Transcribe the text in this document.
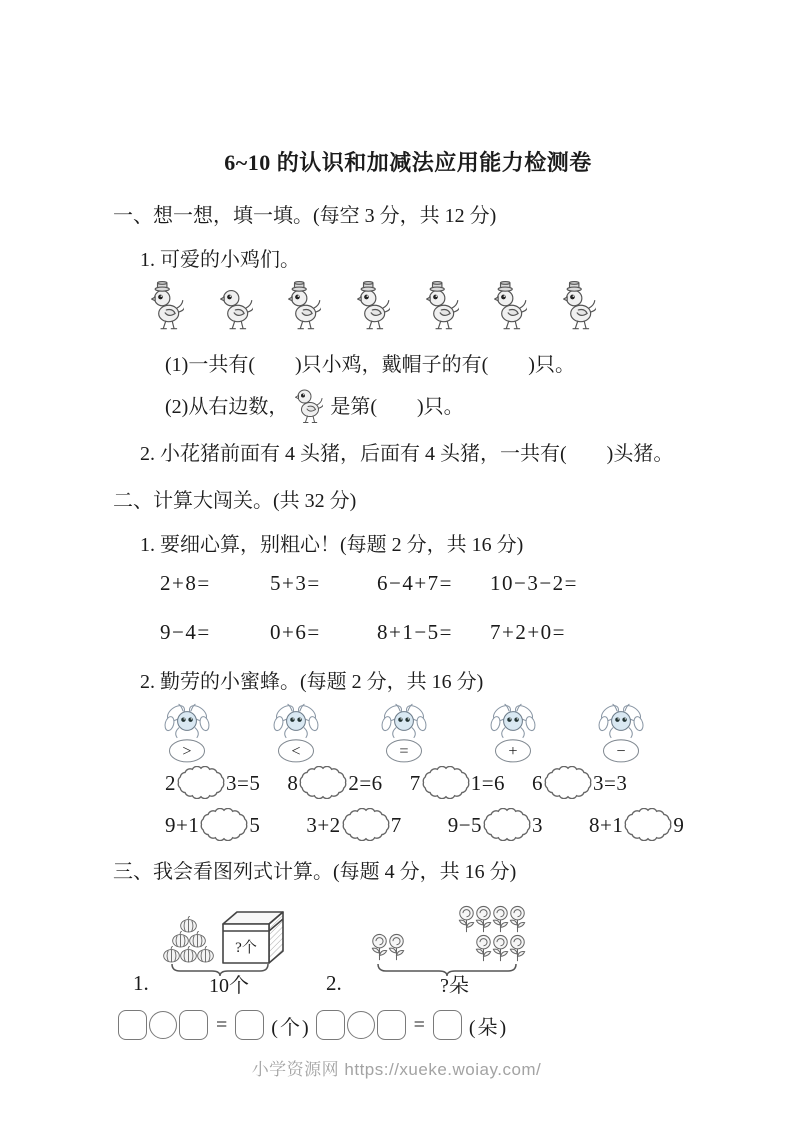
6~10 的认识和加减法应用能力检测卷
一、想一想，填一填。(每空 3 分，共 12 分)
1. 可爱的小鸡们。
(1)一共有(　　)只小鸡，戴帽子的有(　　)只。
(2)从右边数， 是第(　　)只。
2. 小花猪前面有 4 头猪，后面有 4 头猪，一共有(　　)头猪。
二、计算大闯关。(共 32 分)
1. 要细心算，别粗心！(每题 2 分，共 16 分)
2+8=	5+3=	6−4+7=	10−3−2=
9−4=	0+6=	8+1−5=	7+2+0=
2. 勤劳的小蜜蜂。(每题 2 分，共 16 分)
>	<	=	+	−
2 3=5 8 2=6 7 1=6 6 3=3
9+1 5 3+2 7 9−5 3 8+1 9
三、我会看图列式计算。(每题 4 分，共 16 分)
1.
?个
10个	2.	?朵
= (个)	= (朵)
小学资源网 https://xueke.woiay.com/
